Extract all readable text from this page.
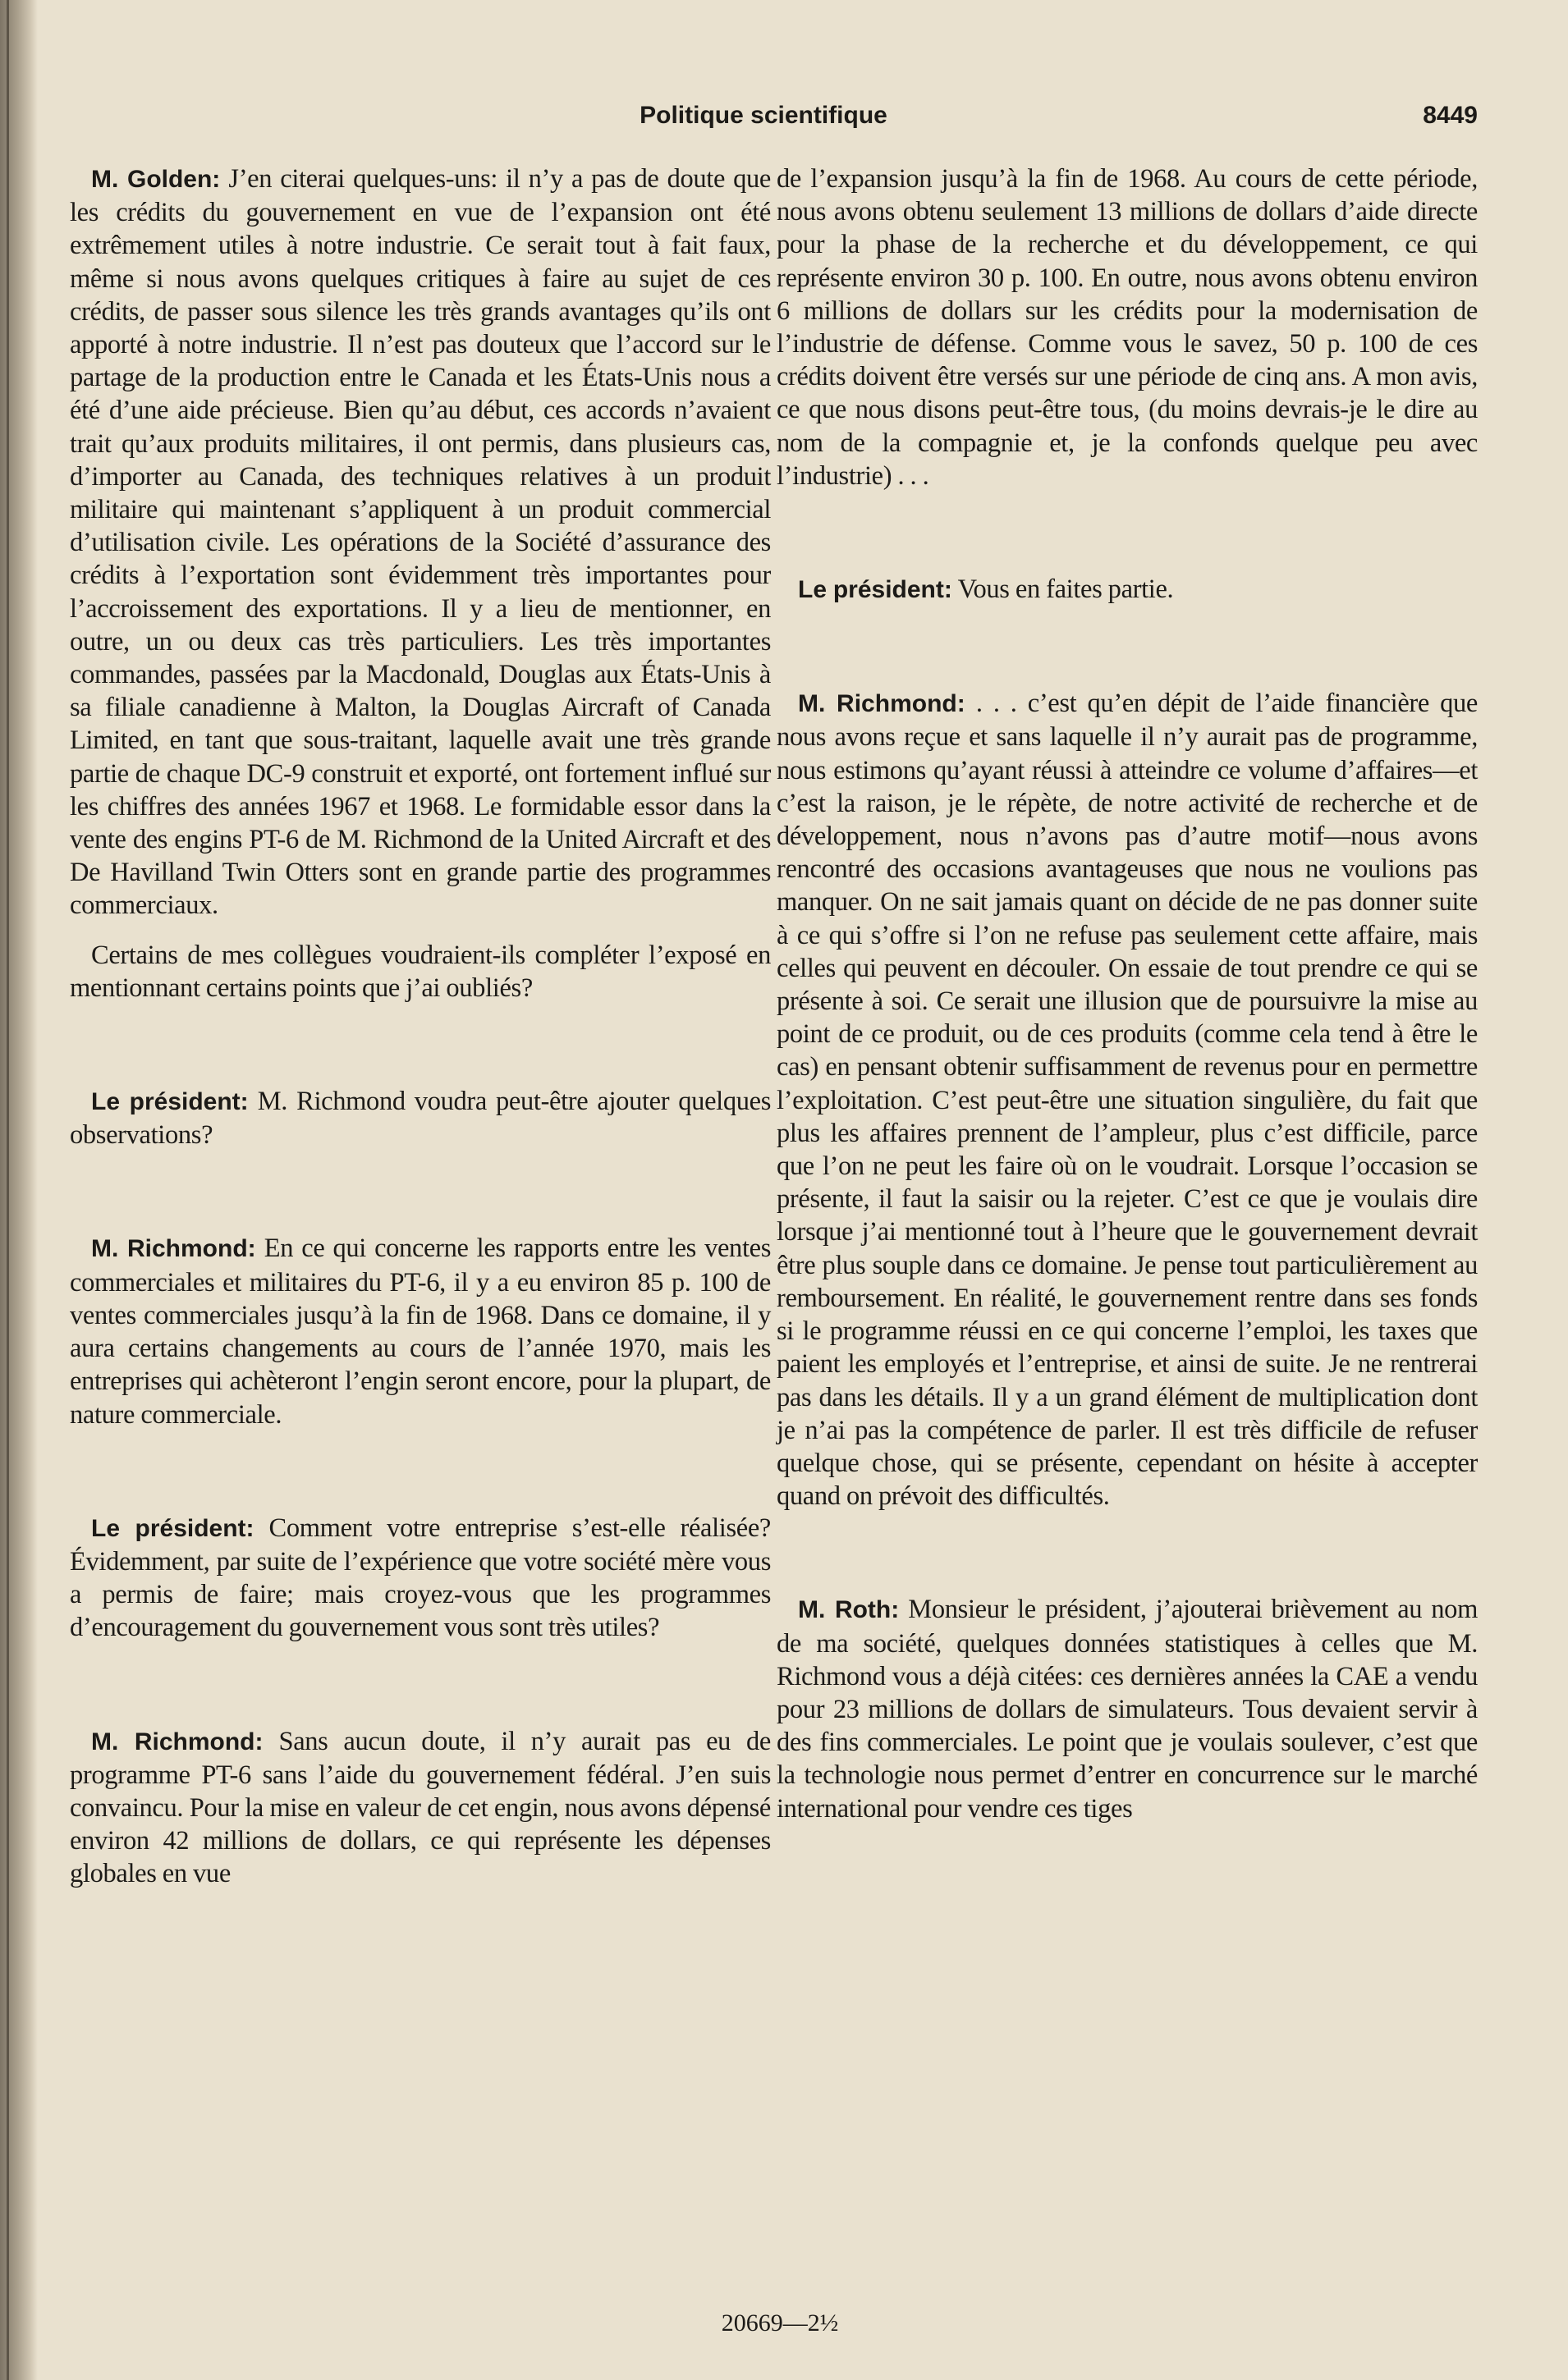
Politique scientifique	8449

M. Golden: J’en citerai quelques-uns: il n’y a pas de doute que les crédits du gouvernement en vue de l’expansion ont été extrêmement utiles à notre industrie. Ce serait tout à fait faux, même si nous avons quelques critiques à faire au sujet de ces crédits, de passer sous silence les très grands avantages qu’ils ont apporté à notre industrie. Il n’est pas douteux que l’accord sur le partage de la production entre le Canada et les États-Unis nous a été d’une aide précieuse. Bien qu’au début, ces accords n’avaient trait qu’aux produits militaires, il ont permis, dans plusieurs cas, d’importer au Canada, des techniques relatives à un produit militaire qui maintenant s’appliquent à un produit commercial d’utilisation civile. Les opérations de la Société d’assurance des crédits à l’exportation sont évidemment très importantes pour l’accroissement des exportations. Il y a lieu de mentionner, en outre, un ou deux cas très particuliers. Les très importantes commandes, passées par la Macdonald, Douglas aux États-Unis à sa filiale canadienne à Malton, la Douglas Aircraft of Canada Limited, en tant que sous-traitant, laquelle avait une très grande partie de chaque DC-9 construit et exporté, ont fortement influé sur les chiffres des années 1967 et 1968. Le formidable essor dans la vente des engins PT-6 de M. Richmond de la United Aircraft et des De Havilland Twin Otters sont en grande partie des programmes commerciaux.

Certains de mes collègues voudraient-ils compléter l’exposé en mentionnant certains points que j’ai oubliés?

Le président: M. Richmond voudra peut-être ajouter quelques observations?

M. Richmond: En ce qui concerne les rapports entre les ventes commerciales et militaires du PT-6, il y a eu environ 85 p. 100 de ventes commerciales jusqu’à la fin de 1968. Dans ce domaine, il y aura certains changements au cours de l’année 1970, mais les entreprises qui achèteront l’engin seront encore, pour la plupart, de nature commerciale.

Le président: Comment votre entreprise s’est-elle réalisée? Évidemment, par suite de l’expérience que votre société mère vous a permis de faire; mais croyez-vous que les programmes d’encouragement du gouvernement vous sont très utiles?

M. Richmond: Sans aucun doute, il n’y aurait pas eu de programme PT-6 sans l’aide du gouvernement fédéral. J’en suis convaincu. Pour la mise en valeur de cet engin, nous avons dépensé environ 42 millions de dollars, ce qui représente les dépenses globales en vue

de l’expansion jusqu’à la fin de 1968. Au cours de cette période, nous avons obtenu seulement 13 millions de dollars d’aide directe pour la phase de la recherche et du développement, ce qui représente environ 30 p. 100. En outre, nous avons obtenu environ 6 millions de dollars sur les crédits pour la modernisation de l’industrie de défense. Comme vous le savez, 50 p. 100 de ces crédits doivent être versés sur une période de cinq ans. A mon avis, ce que nous disons peut-être tous, (du moins devrais-je le dire au nom de la compagnie et, je la confonds quelque peu avec l’industrie) . . .

Le président: Vous en faites partie.

M. Richmond: . . . c’est qu’en dépit de l’aide financière que nous avons reçue et sans laquelle il n’y aurait pas de programme, nous estimons qu’ayant réussi à atteindre ce volume d’affaires—et c’est la raison, je le répète, de notre activité de recherche et de développement, nous n’avons pas d’autre motif—nous avons rencontré des occasions avantageuses que nous ne voulions pas manquer. On ne sait jamais quant on décide de ne pas donner suite à ce qui s’offre si l’on ne refuse pas seulement cette affaire, mais celles qui peuvent en découler. On essaie de tout prendre ce qui se présente à soi. Ce serait une illusion que de poursuivre la mise au point de ce produit, ou de ces produits (comme cela tend à être le cas) en pensant obtenir suffisamment de revenus pour en permettre l’exploitation. C’est peut-être une situation singulière, du fait que plus les affaires prennent de l’ampleur, plus c’est difficile, parce que l’on ne peut les faire où on le voudrait. Lorsque l’occasion se présente, il faut la saisir ou la rejeter. C’est ce que je voulais dire lorsque j’ai mentionné tout à l’heure que le gouvernement devrait être plus souple dans ce domaine. Je pense tout particulièrement au remboursement. En réalité, le gouvernement rentre dans ses fonds si le programme réussi en ce qui concerne l’emploi, les taxes que paient les employés et l’entreprise, et ainsi de suite. Je ne rentrerai pas dans les détails. Il y a un grand élément de multiplication dont je n’ai pas la compétence de parler. Il est très difficile de refuser quelque chose, qui se présente, cependant on hésite à accepter quand on prévoit des difficultés.

M. Roth: Monsieur le président, j’ajouterai brièvement au nom de ma société, quelques données statistiques à celles que M. Richmond vous a déjà citées: ces dernières années la CAE a vendu pour 23 millions de dollars de simulateurs. Tous devaient servir à des fins commerciales. Le point que je voulais soulever, c’est que la technologie nous permet d’entrer en concurrence sur le marché international pour vendre ces tiges

20669—2½
